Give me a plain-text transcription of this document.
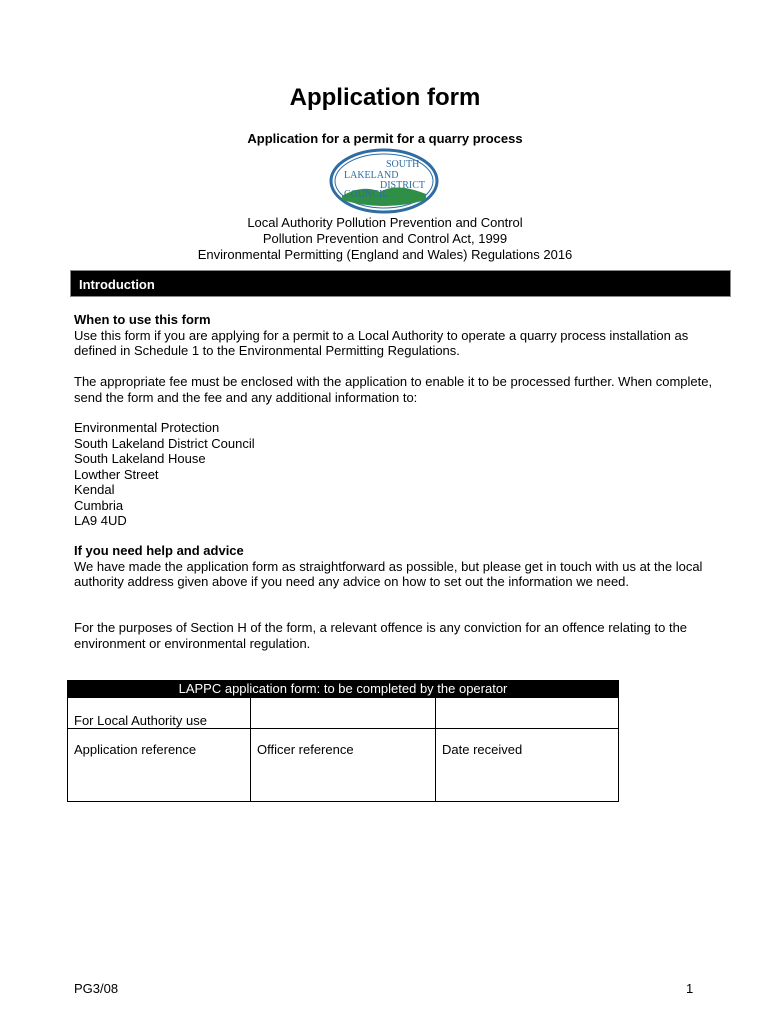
Application form
Application for a permit for a quarry process
SOUTH
LAKELAND
DISTRICT
COUNCIL
Local Authority Pollution Prevention and Control
Pollution Prevention and Control Act, 1999
Environmental Permitting (England and Wales) Regulations 2016
Introduction

When to use this form

Use this form if you are applying for a permit to a Local Authority to operate a quarry process installation as defined in Schedule 1 to the Environmental Permitting Regulations.

The appropriate fee must be enclosed with the application to enable it to be processed further. When complete, send the form and the fee and any additional information to:

Environmental Protection
South Lakeland District Council
South Lakeland House
Lowther Street
Kendal
Cumbria
LA9 4UD

If you need help and advice

We have made the application form as straightforward as possible, but please get in touch with us at the local authority address given above if you need any advice on how to set out the information we need.

For the purposes of Section H of the form, a relevant offence is any conviction for an offence relating to the environment or environmental regulation.

LAPPC application form: to be completed by the operator		
For Local Authority use		
Application reference	Officer reference	Date received
PG3/08	1
